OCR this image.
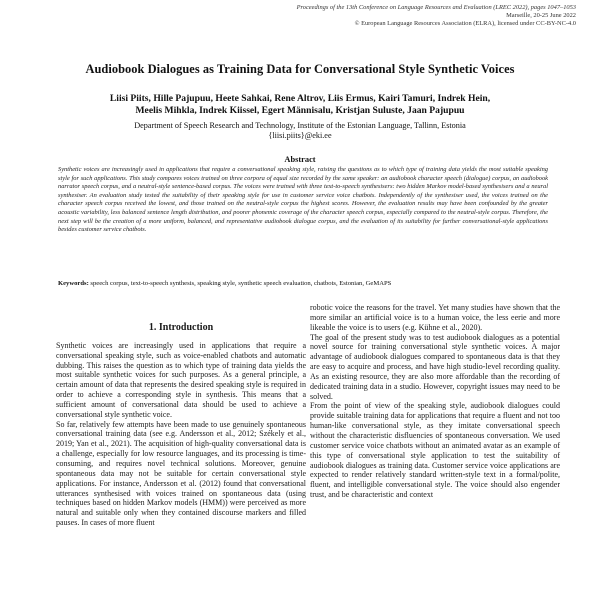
Proceedings of the 13th Conference on Language Resources and Evaluation (LREC 2022), pages 1047–1053
Marseille, 20-25 June 2022
© European Language Resources Association (ELRA), licensed under CC-BY-NC-4.0
Audiobook Dialogues as Training Data for Conversational Style Synthetic Voices
Liisi Piits, Hille Pajupuu, Heete Sahkai, Rene Altrov, Liis Ermus, Kairi Tamuri, Indrek Hein,
Meelis Mihkla, Indrek Kiissel, Egert Männisalu, Kristjan Suluste, Jaan Pajupuu
Department of Speech Research and Technology, Institute of the Estonian Language, Tallinn, Estonia
{liisi.piits}@eki.ee
Abstract
Synthetic voices are increasingly used in applications that require a conversational speaking style, raising the questions as to which type of training data yields the most suitable speaking style for such applications. This study compares voices trained on three corpora of equal size recorded by the same speaker: an audiobook character speech (dialogue) corpus, an audiobook narrator speech corpus, and a neutral-style sentence-based corpus. The voices were trained with three text-to-speech synthesisers: two hidden Markov model-based synthesisers and a neural synthesiser. An evaluation study tested the suitability of their speaking style for use in customer service voice chatbots. Independently of the synthesiser used, the voices trained on the character speech corpus received the lowest, and those trained on the neutral-style corpus the highest scores. However, the evaluation results may have been confounded by the greater acoustic variability, less balanced sentence length distribution, and poorer phonemic coverage of the character speech corpus, especially compared to the neutral-style corpus. Therefore, the next step will be the creation of a more uniform, balanced, and representative audiobook dialogue corpus, and the evaluation of its suitability for further conversational-style applications besides customer service chatbots.
Keywords: speech corpus, text-to-speech synthesis, speaking style, synthetic speech evaluation, chatbots, Estonian, GeMAPS
1. Introduction

Synthetic voices are increasingly used in applications that require a conversational speaking style, such as voice-enabled chatbots and automatic dubbing. This raises the question as to which type of training data yields the most suitable synthetic voices for such purposes. As a general principle, a certain amount of data that represents the desired speaking style is required in order to achieve a corresponding style in synthesis. This means that a sufficient amount of conversational data should be used to achieve a conversational style synthetic voice.

So far, relatively few attempts have been made to use genuinely spontaneous conversational training data (see e.g. Andersson et al., 2012; Székely et al., 2019; Yan et al., 2021). The acquisition of high-quality conversational data is a challenge, especially for low resource languages, and its processing is time-consuming, and requires novel technical solutions. Moreover, genuine spontaneous data may not be suitable for certain conversational style applications. For instance, Andersson et al. (2012) found that conversational utterances synthesised with voices trained on spontaneous data (using techniques based on hidden Markov models (HMM)) were perceived as more natural and suitable only when they contained discourse markers and filled pauses. In cases of more fluent

robotic voice the reasons for the travel. Yet many studies have shown that the more similar an artificial voice is to a human voice, the less eerie and more likeable the voice is to users (e.g. Kühne et al., 2020).

The goal of the present study was to test audiobook dialogues as a potential novel source for training conversational style synthetic voices. A major advantage of audiobook dialogues compared to spontaneous data is that they are easy to acquire and process, and have high studio-level recording quality. As an existing resource, they are also more affordable than the recording of dedicated training data in a studio. However, copyright issues may need to be solved.

From the point of view of the speaking style, audiobook dialogues could provide suitable training data for applications that require a fluent and not too human-like conversational style, as they imitate conversational speech without the characteristic disfluencies of spontaneous conversation. We used customer service voice chatbots without an animated avatar as an example of this type of conversational style application to test the suitability of audiobook dialogues as training data. Customer service voice applications are expected to render relatively standard written-style text in a formal/polite, fluent, and intelligible conversational style. The voice should also engender trust, and be characteristic and context
